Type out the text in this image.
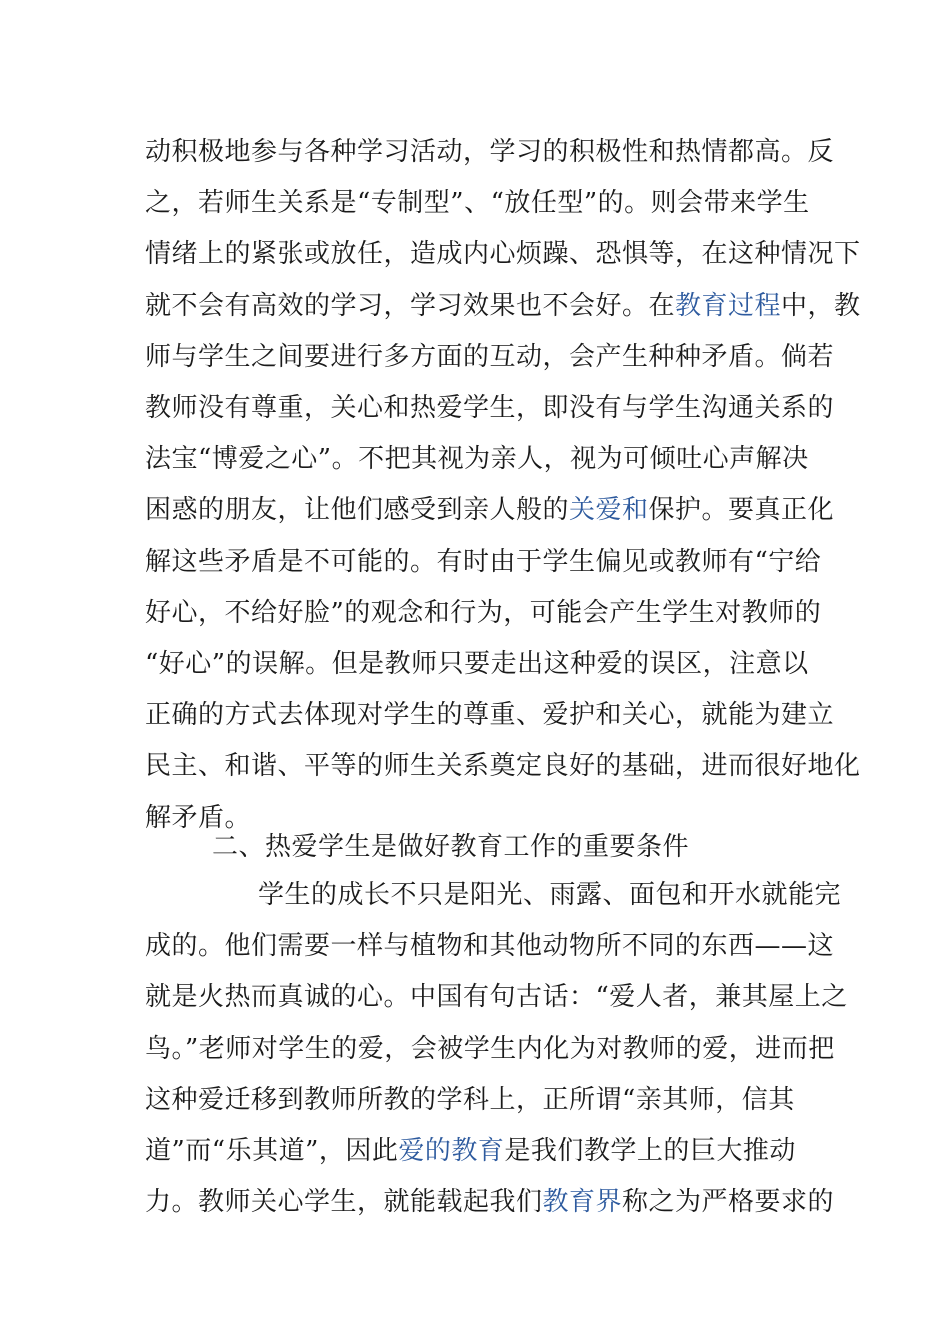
动积极地参与各种学习活动，学习的积极性和热情都高。反
之，若师生关系是“专制型”、“放任型”的。则会带来学生
情绪上的紧张或放任，造成内心烦躁、恐惧等，在这种情况下
就不会有高效的学习，学习效果也不会好。在教育过程中，教
师与学生之间要进行多方面的互动，会产生种种矛盾。倘若
教师没有尊重，关心和热爱学生，即没有与学生沟通关系的
法宝“博爱之心”。不把其视为亲人，视为可倾吐心声解决
困惑的朋友，让他们感受到亲人般的关爱和保护。要真正化
解这些矛盾是不可能的。有时由于学生偏见或教师有“宁给
好心，不给好脸”的观念和行为，可能会产生学生对教师的
“好心”的误解。但是教师只要走出这种爱的误区，注意以
正确的方式去体现对学生的尊重、爱护和关心，就能为建立
民主、和谐、平等的师生关系奠定良好的基础，进而很好地化
解矛盾。
二、热爱学生是做好教育工作的重要条件
学生的成长不只是阳光、雨露、面包和开水就能完
成的。他们需要一样与植物和其他动物所不同的东西——这
就是火热而真诚的心。中国有句古话：“爱人者，兼其屋上之
鸟。”老师对学生的爱，会被学生内化为对教师的爱，进而把
这种爱迁移到教师所教的学科上，正所谓“亲其师，信其
道”而“乐其道”，因此爱的教育是我们教学上的巨大推动
力。教师关心学生，就能载起我们教育界称之为严格要求的
